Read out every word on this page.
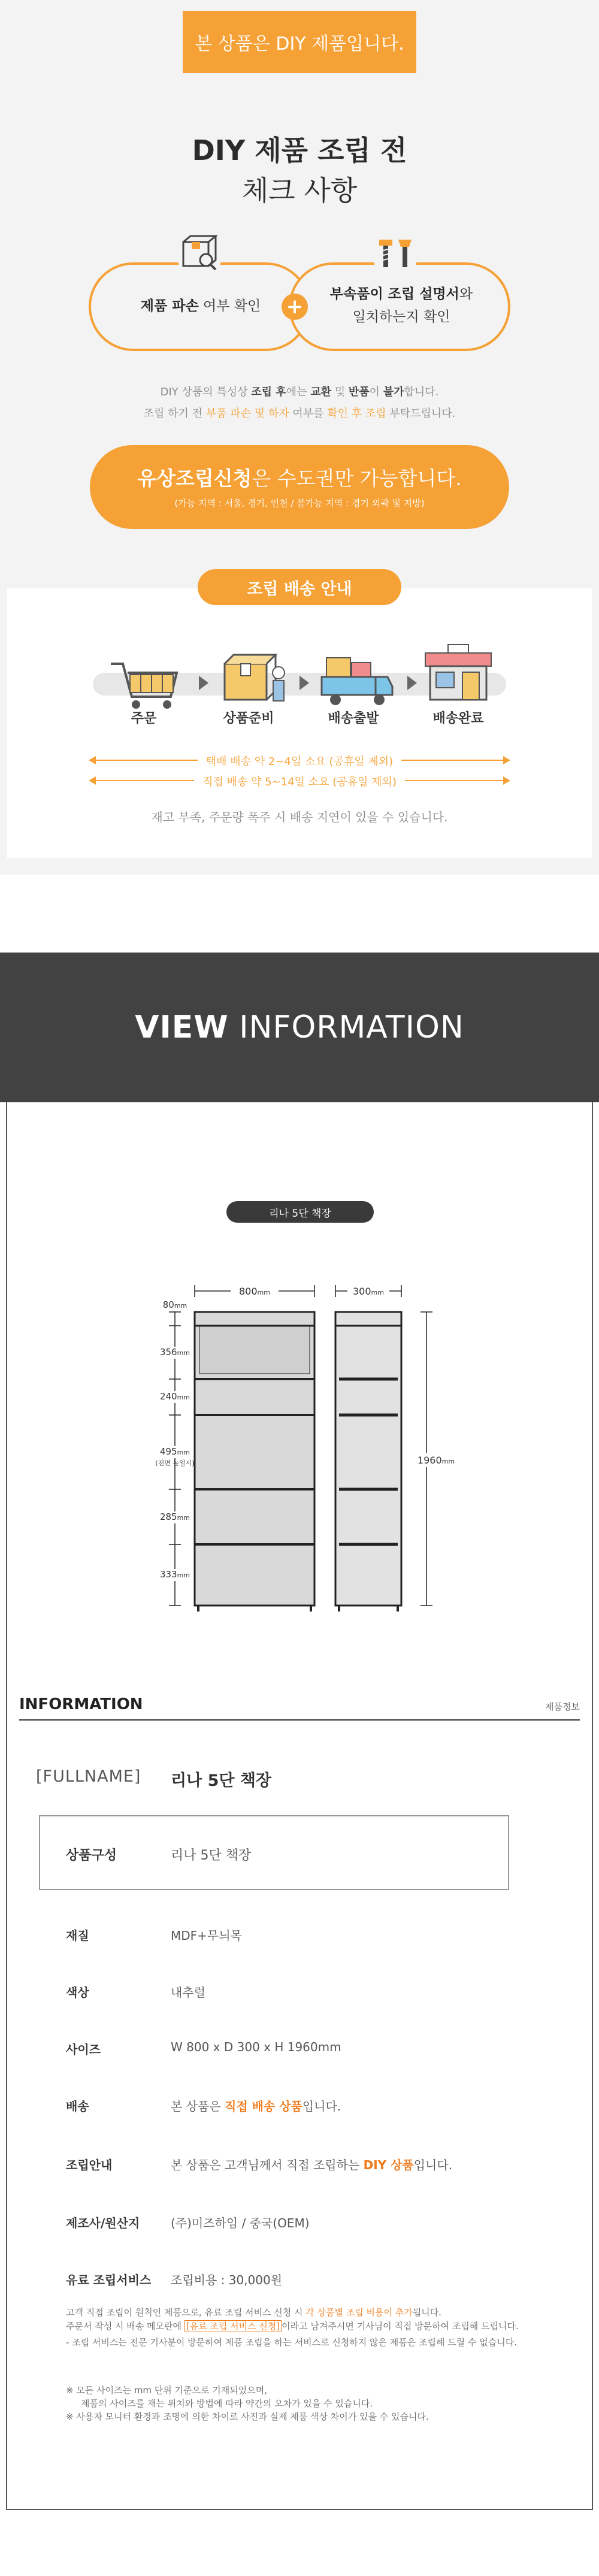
본 상품은 DIY 제품입니다.
DIY 제품 조립 전
체크 사항
+
제품 파손 여부 확인
부속품이 조립 설명서와
일치하는지 확인
DIY 상품의 특성상 조립 후에는 교환 및 반품이 불가합니다.
조립 하기 전 부품 파손 및 하자 여부를 확인 후 조립 부탁드립니다.
유상조립신청은 수도권만 가능합니다.
(가능 지역 : 서울, 경기, 인천 / 불가능 지역 : 경기 외곽 및 지방)
조립 배송 안내
주문	상품준비	배송출발	배송완료
택배 배송 약 2~4일 소요 (공휴일 제외)
직접 배송 약 5~14일 소요 (공휴일 제외)
재고 부족, 주문량 폭주 시 배송 지연이 있을 수 있습니다.
VIEW INFORMATION
리나 5단 책장
800mm	300mm
1960mm
80mm
356mm
240mm
495mm
(전면 높일시)
285mm
333mm
INFORMATION	제품정보
[FULLNAME] 리나 5단 책장
상품구성	리나 5단 책장
재질	MDF+무늬목
색상	내추럴
사이즈	W 800 x D 300 x H 1960mm
배송	본 상품은 직접 배송 상품입니다.
조립안내	본 상품은 고객님께서 직접 조립하는 DIY 상품입니다.
제조사/원산지	(주)미즈하임 / 중국(OEM)
유료 조립서비스 조립비용 : 30,000원
고객 직접 조립이 원칙인 제품으로, 유료 조립 서비스 신청 시 각 상품별 조립 비용이 추가됩니다.
주문서 작성 시 배송 메모란에 [유료 조립 서비스 신청] 이라고 남겨주시면 기사님이 직접 방문하여 조립해 드립니다.
- 조립 서비스는 전문 기사분이 방문하여 제품 조립을 하는 서비스로 신청하지 않은 제품은 조립해 드릴 수 없습니다.
※ 모든 사이즈는 mm 단위 기준으로 기재되었으며,
제품의 사이즈를 재는 위치와 방법에 따라 약간의 오차가 있을 수 있습니다.
※ 사용자 모니터 환경과 조명에 의한 차이로 사진과 실제 제품 색상 차이가 있을 수 있습니다.
